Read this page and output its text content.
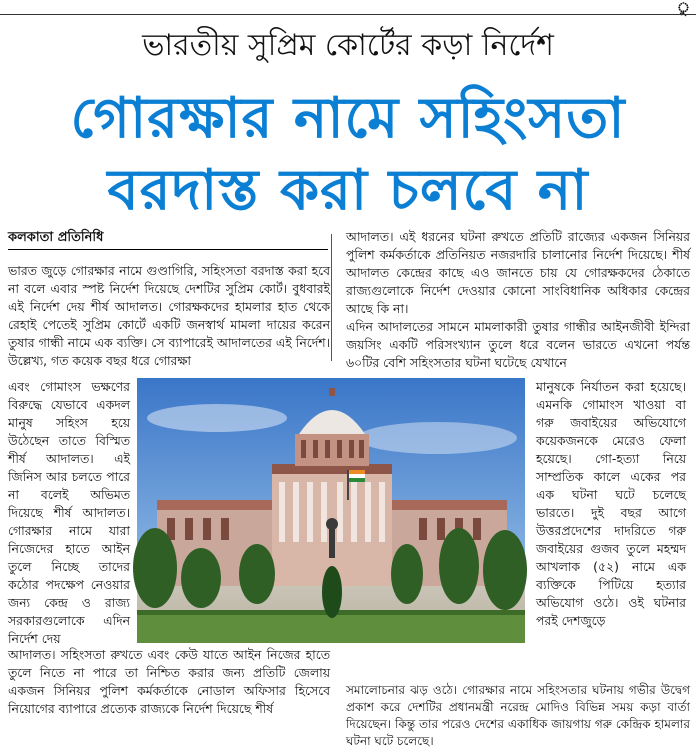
ু
ভারতীয় সুপ্রিম কোর্টের কড়া নির্দেশ
গোরক্ষার নামে সহিংসতা
বরদাস্ত করা চলবে না
কলকাতা প্রতিনিধি
ভারত জুড়ে গোরক্ষার নামে গুণ্ডাগিরি, সহিংসতা বরদাস্ত করা হবে না বলে এবার স্পষ্ট নির্দেশ দিয়েছে দেশটির সুপ্রিম কোর্ট। বুধবারই এই নির্দেশ দেয় শীর্ষ আদালত। গোরক্ষকদের হামলার হাত থেকে রেহাই পেতেই সুপ্রিম কোর্টে একটি জনস্বার্থ মামলা দায়ের করেন তুষার গান্ধী নামে এক ব্যক্তি। সে ব্যাপারেই আদালতের এই নির্দেশ। উল্লেখ্য, গত কয়েক বছর ধরে গোরক্ষা
আদালত। এই ধরনের ঘটনা রুখতে প্রতিটি রাজ্যের একজন সিনিয়র পুলিশ কর্মকর্তাকে প্রতিনিয়ত নজরদারি চালানোর নির্দেশ দিয়েছে। শীর্ষ আদালত কেন্দ্রের কাছে এও জানতে চায় যে গোরক্ষকদের ঠেকাতে রাজ্যগুলোকে নির্দেশ দেওয়ার কোনো সাংবিধানিক অধিকার কেন্দ্রের আছে কি না।
এদিন আদালতের সামনে মামলাকারী তুষার গান্ধীর আইনজীবী ইন্দিরা জয়সিং একটি পরিসংখ্যান তুলে ধরে বলেন ভারতে এখনো পর্যন্ত ৬০টির বেশি সহিংসতার ঘটনা ঘটেছে যেখানে
এবং গোমাংস ভক্ষণের বিরুদ্ধে যেভাবে একদল মানুষ সহিংস হয়ে উঠেছেন তাতে বিস্মিত শীর্ষ আদালত। এই জিনিস আর চলতে পারে না বলেই অভিমত দিয়েছে শীর্ষ আদালত। গোরক্ষার নামে যারা নিজেদের হাতে আইন তুলে নিচ্ছে তাদের কঠোর পদক্ষেপ নেওয়ার জন্য কেন্দ্র ও রাজ্য সরকারগুলোকে এদিন নির্দেশ দেয়
মানুষকে নির্যাতন করা হয়েছে। এমনকি গোমাংস খাওয়া বা গরু জবাইয়ের অভিযোগে কয়েকজনকে মেরেও ফেলা হয়েছে। গো-হত্যা নিয়ে সাম্প্রতিক কালে একের পর এক ঘটনা ঘটে চলেছে ভারতে। দুই বছর আগে উত্তরপ্রদেশের দাদরিতে গরু জবাইয়ের গুজব তুলে মহম্মদ আখলাক (৫২) নামে এক ব্যক্তিকে পিটিয়ে হত্যার অভিযোগ ওঠে। ওই ঘটনার পরই দেশজুড়ে
আদালত। সহিংসতা রুখতে এবং কেউ যাতে আইন নিজের হাতে তুলে নিতে না পারে তা নিশ্চিত করার জন্য প্রতিটি জেলায় একজন সিনিয়র পুলিশ কর্মকর্তাকে নোডাল অফিসার হিসেবে নিয়োগের ব্যাপারে প্রত্যেক রাজ্যকে নির্দেশ দিয়েছে শীর্ষ
সমালোচনার ঝড় ওঠে। গোরক্ষার নামে সহিংসতার ঘটনায় গভীর উদ্বেগ প্রকাশ করে দেশটির প্রধানমন্ত্রী নরেন্দ্র মোদিও বিভিন্ন সময় কড়া বার্তা দিয়েছেন। কিন্তু তার পরেও দেশের একাধিক জায়গায় গরু কেন্দ্রিক হামলার ঘটনা ঘটে চলেছে।
